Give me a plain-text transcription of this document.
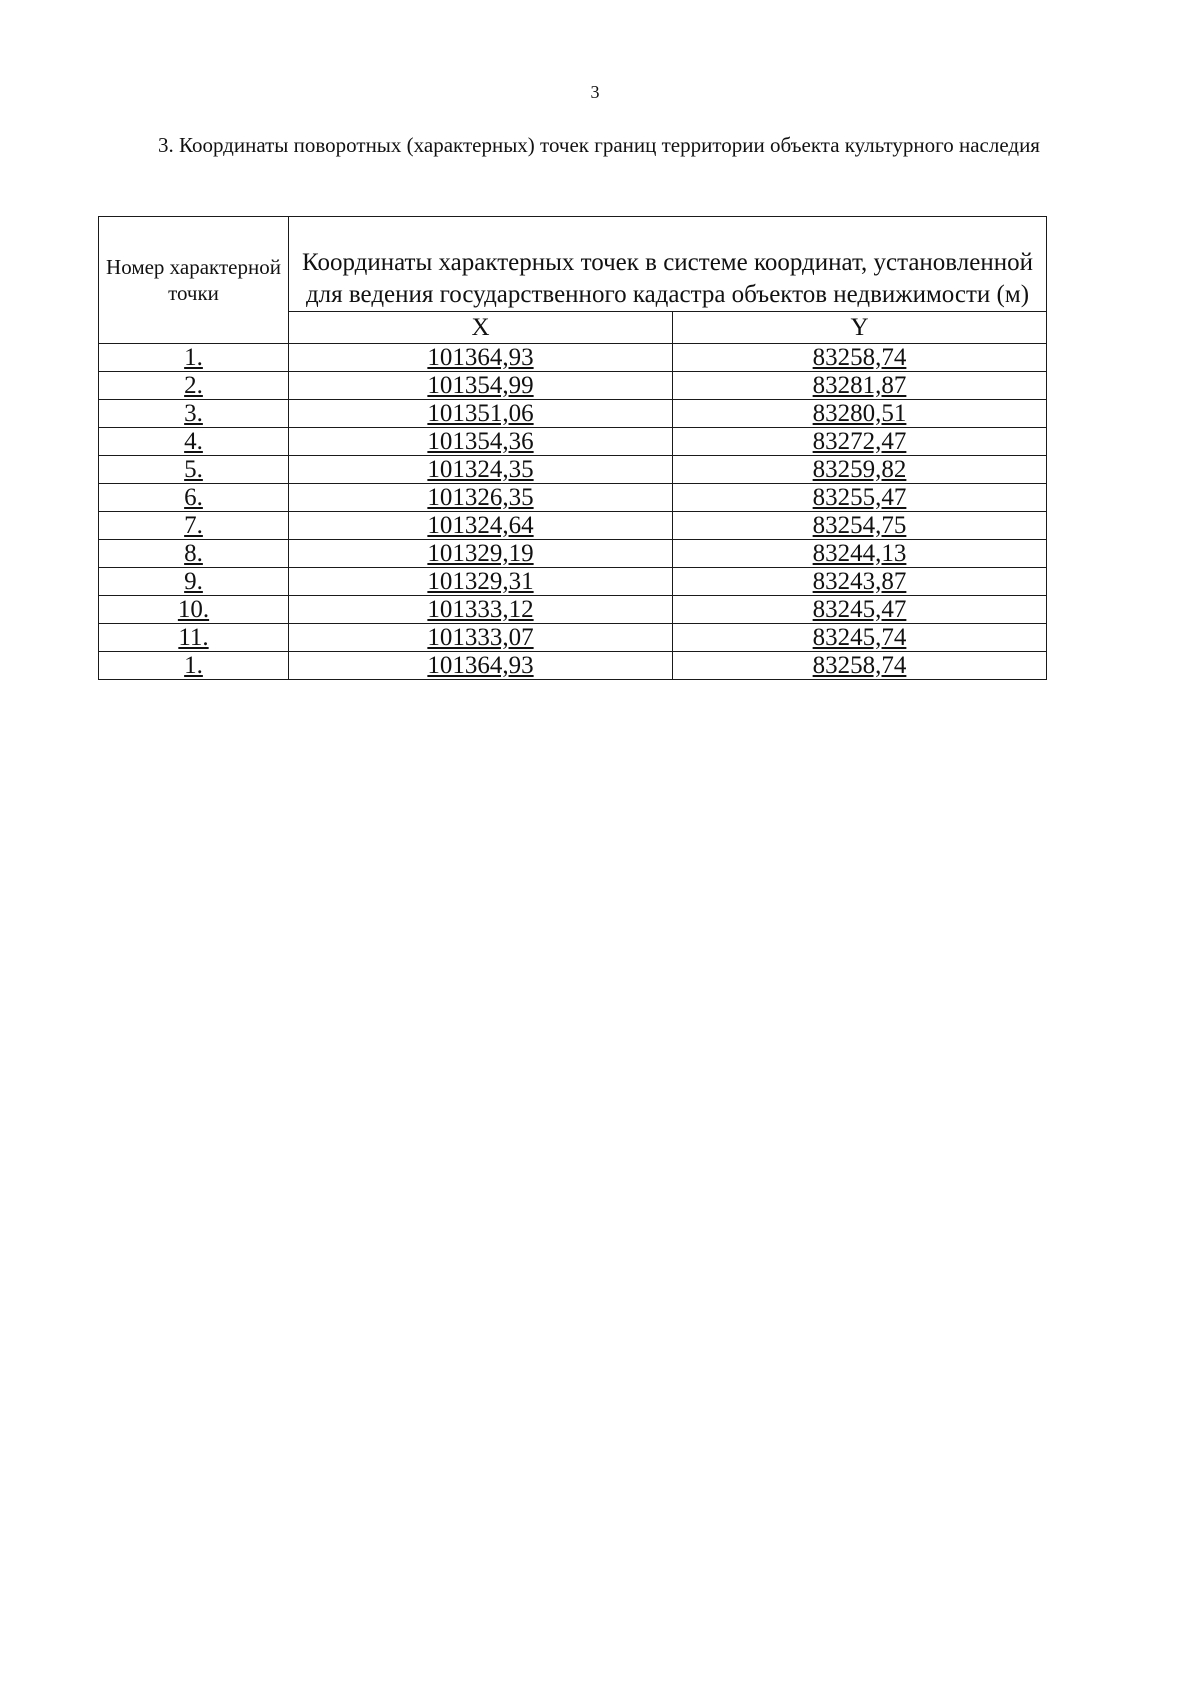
3
3. Координаты поворотных (характерных) точек границ территории объекта культурного наследия
Номер характерной точки	Координаты характерных точек в системе координат, установленной для ведения государственного кадастра объектов недвижимости (м)	
	X	Y
1.	101364,93	83258,74
2.	101354,99	83281,87
3.	101351,06	83280,51
4.	101354,36	83272,47
5.	101324,35	83259,82
6.	101326,35	83255,47
7.	101324,64	83254,75
8.	101329,19	83244,13
9.	101329,31	83243,87
10.	101333,12	83245,47
11.	101333,07	83245,74
1.	101364,93	83258,74
